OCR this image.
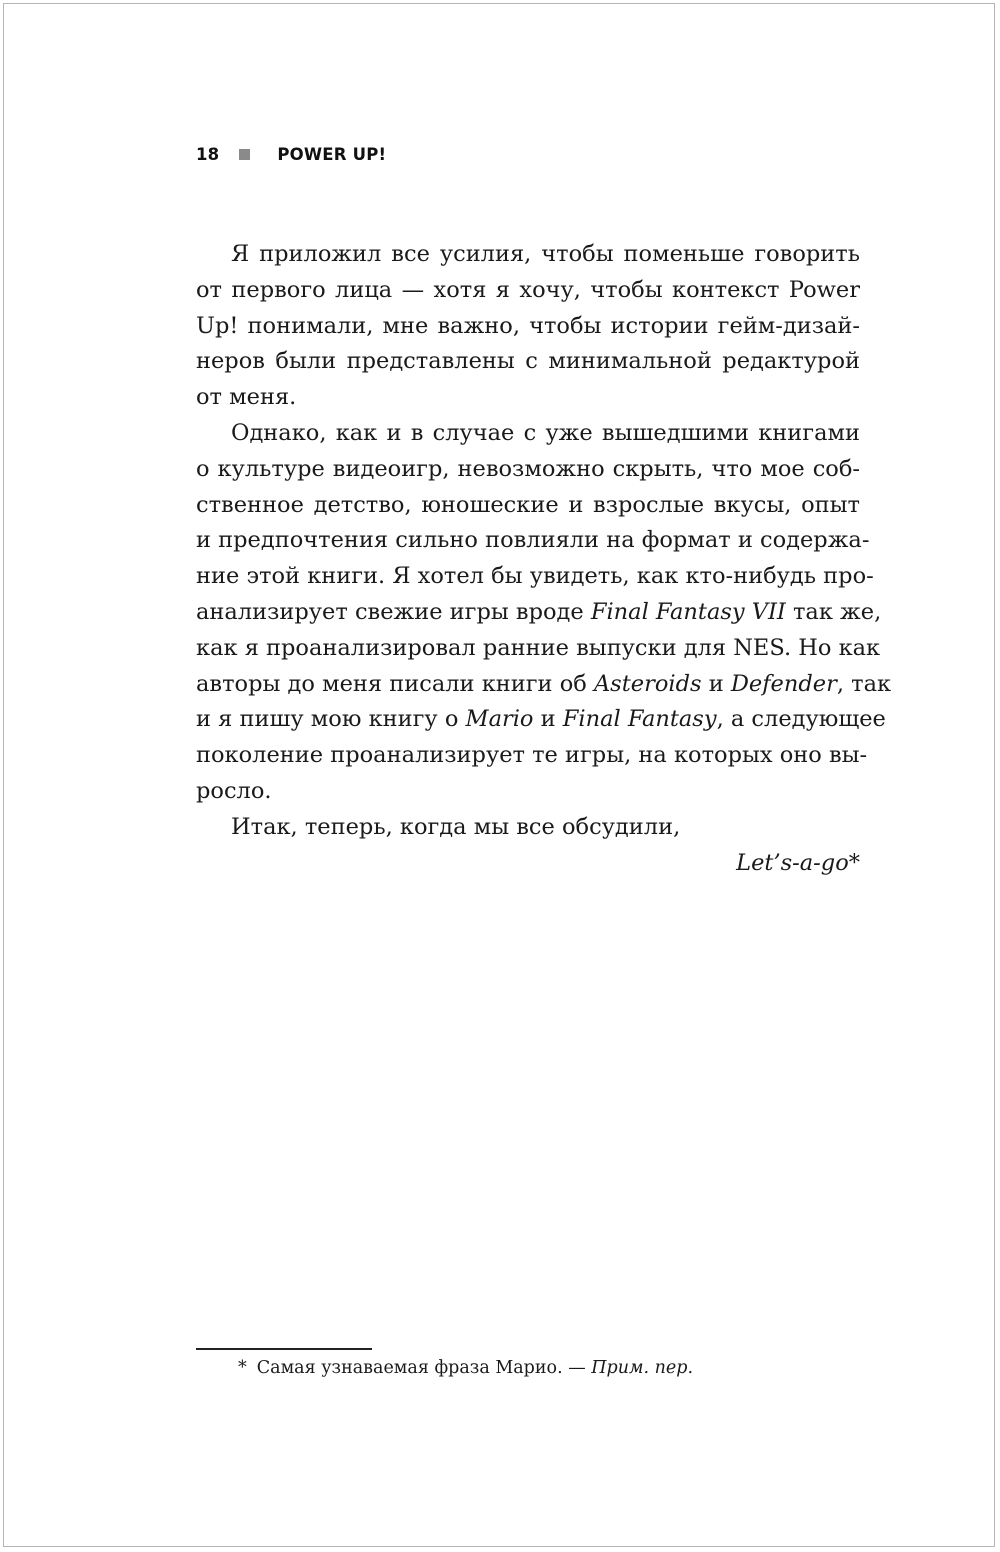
18	POWER UP!
Я приложил все усилия, чтобы поменьше говорить
от первого лица — хотя я хочу, чтобы контекст Power
Up! понимали, мне важно, чтобы истории гейм-дизай-
неров были представлены с минимальной редактурой
от меня.
Однако, как и в случае с уже вышедшими книгами
о культуре видеоигр, невозможно скрыть, что мое соб-
ственное детство, юношеские и взрослые вкусы, опыт
и предпочтения сильно повлияли на формат и содержа-
ние этой книги. Я хотел бы увидеть, как кто-нибудь про-
анализирует свежие игры вроде Final Fantasy VII так же,
как я проанализировал ранние выпуски для NES. Но как
авторы до меня писали книги об Asteroids и Defender, так
и я пишу мою книгу о Mario и Final Fantasy, а следующее
поколение проанализирует те игры, на которых оно вы-
росло.
Итак, теперь, когда мы все обсудили,
Let’s-a-go*
* Самая узнаваемая фраза Марио. — Прим. пер.
